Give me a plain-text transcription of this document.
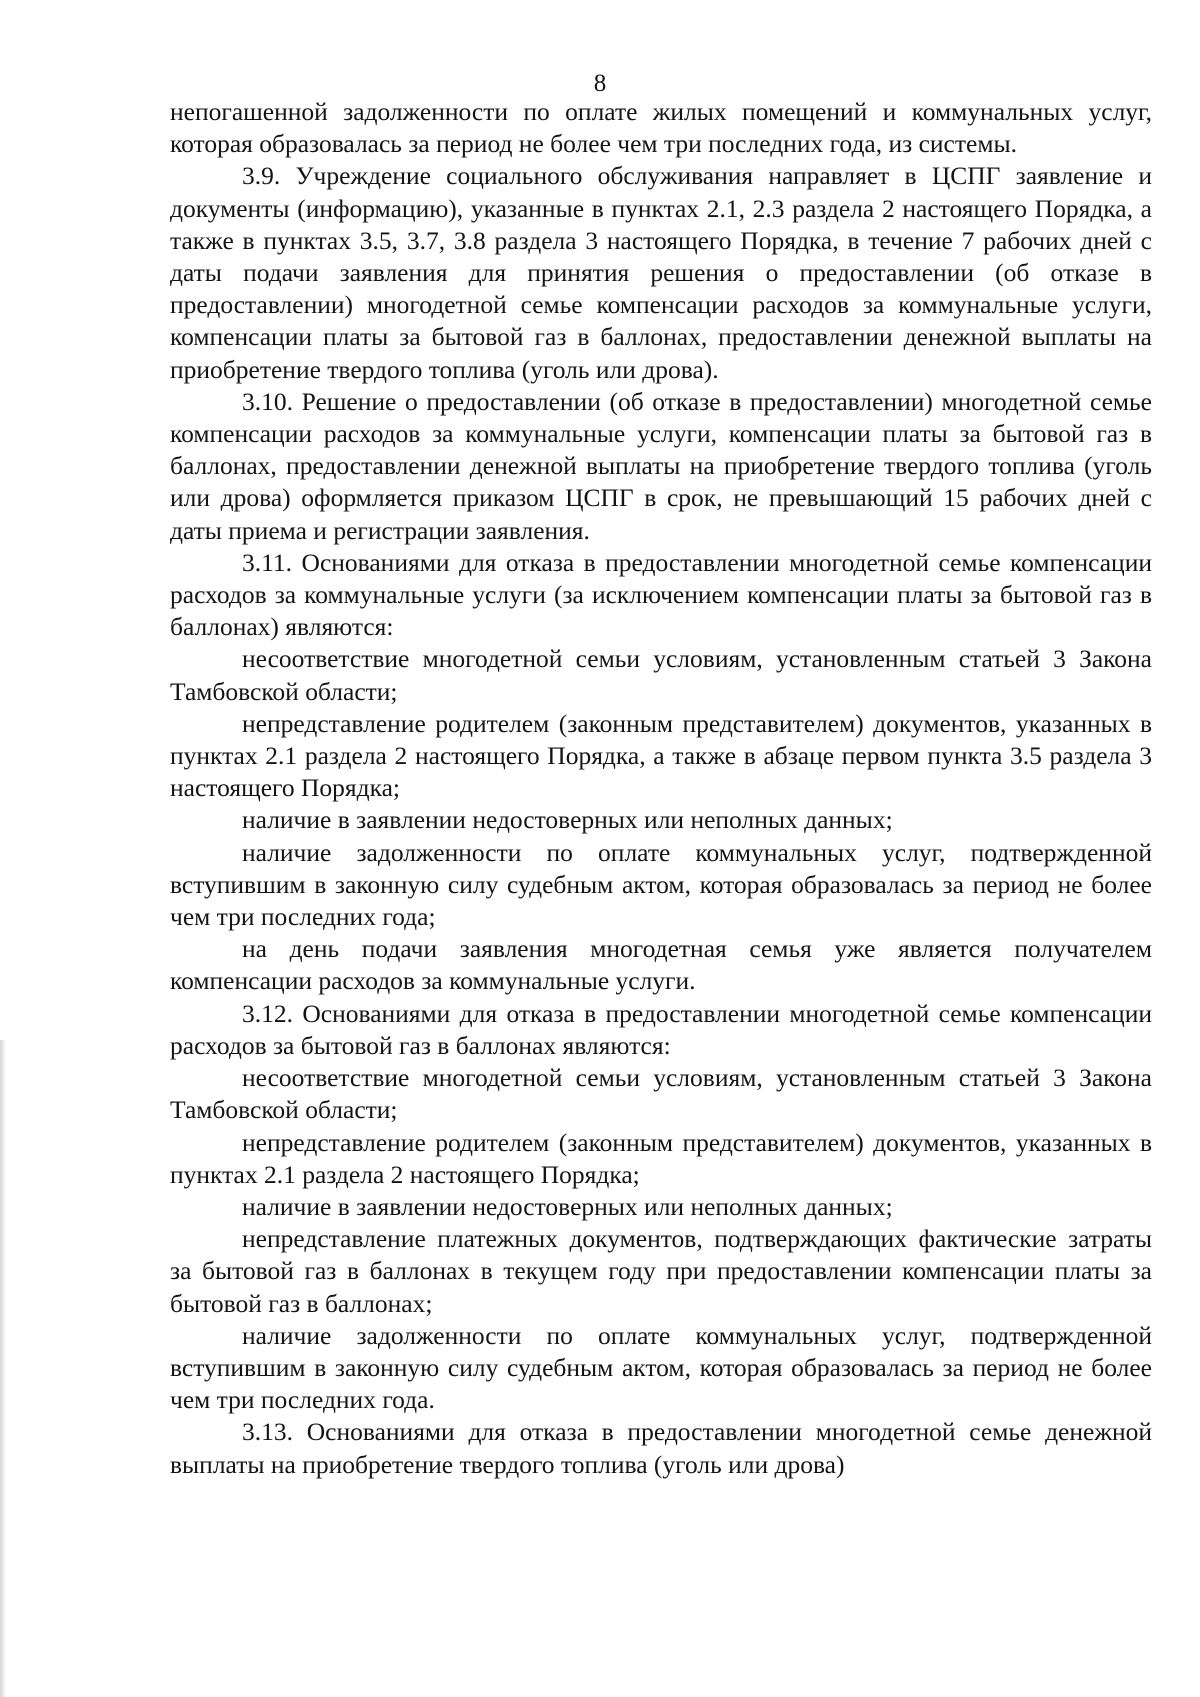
8

непогашенной задолженности по оплате жилых помещений и коммунальных услуг, которая образовалась за период не более чем три последних года, из системы.

3.9. Учреждение социального обслуживания направляет в ЦСПГ заявление и документы (информацию), указанные в пунктах 2.1, 2.3 раздела 2 настоящего Порядка, а также в пунктах 3.5, 3.7, 3.8 раздела 3 настоящего Порядка, в течение 7 рабочих дней с даты подачи заявления для принятия решения о предоставлении (об отказе в предоставлении) многодетной семье компенсации расходов за коммунальные услуги, компенсации платы за бытовой газ в баллонах, предоставлении денежной выплаты на приобретение твердого топлива (уголь или дрова).

3.10. Решение о предоставлении (об отказе в предоставлении) многодетной семье компенсации расходов за коммунальные услуги, компенсации платы за бытовой газ в баллонах, предоставлении денежной выплаты на приобретение твердого топлива (уголь или дрова) оформляется приказом ЦСПГ в срок, не превышающий 15 рабочих дней с даты приема и регистрации заявления.

3.11. Основаниями для отказа в предоставлении многодетной семье компенсации расходов за коммунальные услуги (за исключением компенсации платы за бытовой газ в баллонах) являются:

несоответствие многодетной семьи условиям, установленным статьей 3 Закона Тамбовской области;

непредставление родителем (законным представителем) документов, указанных в пунктах 2.1 раздела 2 настоящего Порядка, а также в абзаце первом пункта 3.5 раздела 3 настоящего Порядка;

наличие в заявлении недостоверных или неполных данных;

наличие задолженности по оплате коммунальных услуг, подтвержденной вступившим в законную силу судебным актом, которая образовалась за период не более чем три последних года;

на день подачи заявления многодетная семья уже является получателем компенсации расходов за коммунальные услуги.

3.12. Основаниями для отказа в предоставлении многодетной семье компенсации расходов за бытовой газ в баллонах являются:

несоответствие многодетной семьи условиям, установленным статьей 3 Закона Тамбовской области;

непредставление родителем (законным представителем) документов, указанных в пунктах 2.1 раздела 2 настоящего Порядка;

наличие в заявлении недостоверных или неполных данных;

непредставление платежных документов, подтверждающих фактические затраты за бытовой газ в баллонах в текущем году при предоставлении компенсации платы за бытовой газ в баллонах;

наличие задолженности по оплате коммунальных услуг, подтвержденной вступившим в законную силу судебным актом, которая образовалась за период не более чем три последних года.

3.13. Основаниями для отказа в предоставлении многодетной семье денежной выплаты на приобретение твердого топлива (уголь или дрова)
